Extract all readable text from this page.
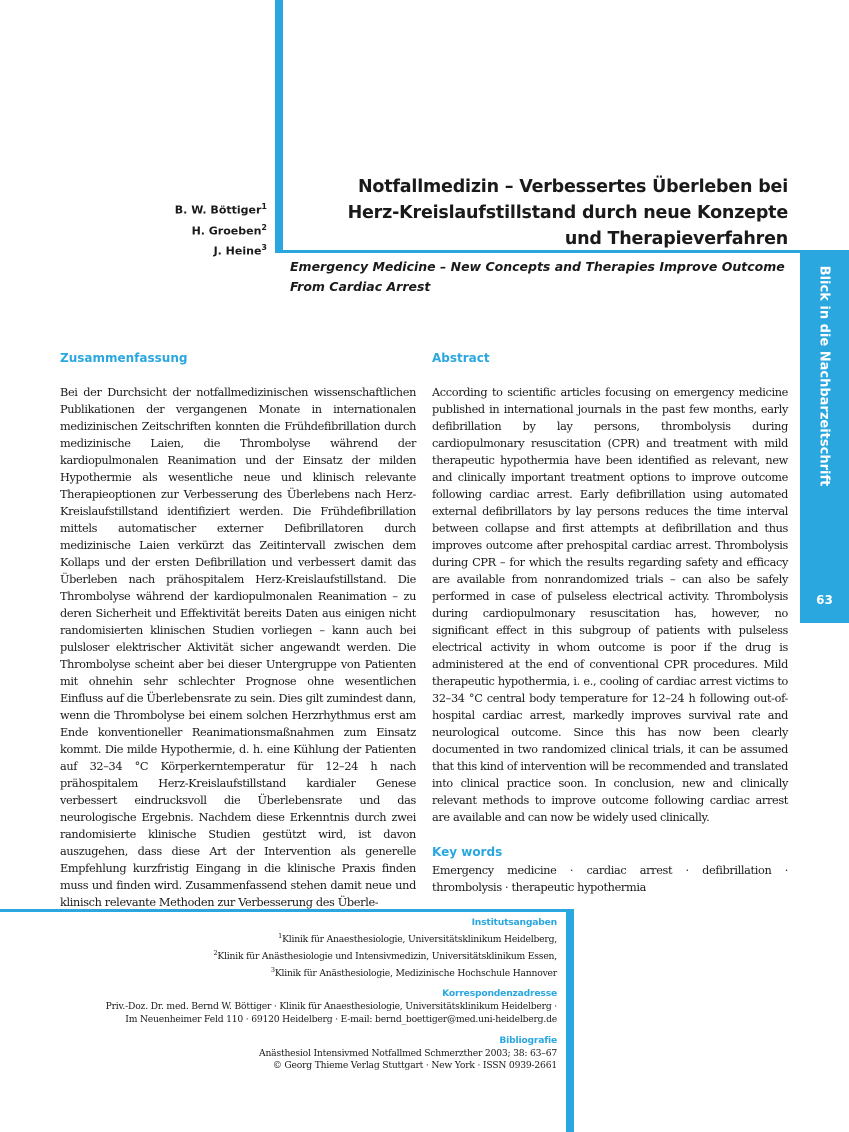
Blick in die Nachbarzeitschrift
63
B. W. Böttiger$^1$
H. Groeben$^2$
J. Heine$^3$
Notfallmedizin – Verbessertes Überleben bei
Herz-Kreislaufstillstand durch neue Konzepte
und Therapieverfahren

Emergency Medicine – New Concepts and Therapies Improve Outcome From Cardiac Arrest

Zusammenfassung

Bei der Durchsicht der notfallmedizinischen wissenschaftlichen Publikationen der vergangenen Monate in internationalen medizinischen Zeitschriften konnten die Frühdefibrillation durch medizinische Laien, die Thrombolyse während der kardiopulmonalen Reanimation und der Einsatz der milden Hypothermie als wesentliche neue und klinisch relevante Therapieoptionen zur Verbesserung des Überlebens nach Herz-Kreislaufstillstand identifiziert werden. Die Frühdefibrillation mittels automatischer externer Defibrillatoren durch medizinische Laien verkürzt das Zeitintervall zwischen dem Kollaps und der ersten Defibrillation und verbessert damit das Überleben nach prähospitalem Herz-Kreislaufstillstand. Die Thrombolyse während der kardiopulmonalen Reanimation – zu deren Sicherheit und Effektivität bereits Daten aus einigen nicht randomisierten klinischen Studien vorliegen – kann auch bei pulsloser elektrischer Aktivität sicher angewandt werden. Die Thrombolyse scheint aber bei dieser Untergruppe von Patienten mit ohnehin sehr schlechter Prognose ohne wesentlichen Einfluss auf die Überlebensrate zu sein. Dies gilt zumindest dann, wenn die Thrombolyse bei einem solchen Herzrhythmus erst am Ende konventioneller Reanimationsmaßnahmen zum Einsatz kommt. Die milde Hypothermie, d. h. eine Kühlung der Patienten auf 32–34 °C Körperkerntemperatur für 12–24 h nach prähospitalem Herz-Kreislaufstillstand kardialer Genese verbessert eindrucksvoll die Überlebensrate und das neurologische Ergebnis. Nachdem diese Erkenntnis durch zwei randomisierte klinische Studien gestützt wird, ist davon auszugehen, dass diese Art der Intervention als generelle Empfehlung kurzfristig Eingang in die klinische Praxis finden muss und finden wird. Zusammenfassend stehen damit neue und klinisch relevante Methoden zur Verbesserung des Überle-

Abstract

According to scientific articles focusing on emergency medicine published in international journals in the past few months, early defibrillation by lay persons, thrombolysis during cardiopulmonary resuscitation (CPR) and treatment with mild therapeutic hypothermia have been identified as relevant, new and clinically important treatment options to improve outcome following cardiac arrest. Early defibrillation using automated external defibrillators by lay persons reduces the time interval between collapse and first attempts at defibrillation and thus improves outcome after prehospital cardiac arrest. Thrombolysis during CPR – for which the results regarding safety and efficacy are available from nonrandomized trials – can also be safely performed in case of pulseless electrical activity. Thrombolysis during cardiopulmonary resuscitation has, however, no significant effect in this subgroup of patients with pulseless electrical activity in whom outcome is poor if the drug is administered at the end of conventional CPR procedures. Mild therapeutic hypothermia, i. e., cooling of cardiac arrest victims to 32–34 °C central body temperature for 12–24 h following out-of-hospital cardiac arrest, markedly improves survival rate and neurological outcome. Since this has now been clearly documented in two randomized clinical trials, it can be assumed that this kind of intervention will be recommended and translated into clinical practice soon. In conclusion, new and clinically relevant methods to improve outcome following cardiac arrest are available and can now be widely used clinically.

Key words

Emergency medicine · cardiac arrest · defibrillation · thrombolysis · therapeutic hypothermia

Institutsangaben
$^1$Klinik für Anaesthesiologie, Universitätsklinikum Heidelberg,
$^2$Klinik für Anästhesiologie und Intensivmedizin, Universitätsklinikum Essen,
$^3$Klinik für Anästhesiologie, Medizinische Hochschule Hannover
Korrespondenzadresse
Priv.-Doz. Dr. med. Bernd W. Böttiger · Klinik für Anaesthesiologie, Universitätsklinikum Heidelberg ·
Im Neuenheimer Feld 110 · 69120 Heidelberg · E-mail: bernd_boettiger@med.uni-heidelberg.de
Bibliografie
Anästhesiol Intensivmed Notfallmed Schmerzther 2003; 38: 63–67
© Georg Thieme Verlag Stuttgart · New York · ISSN 0939-2661
